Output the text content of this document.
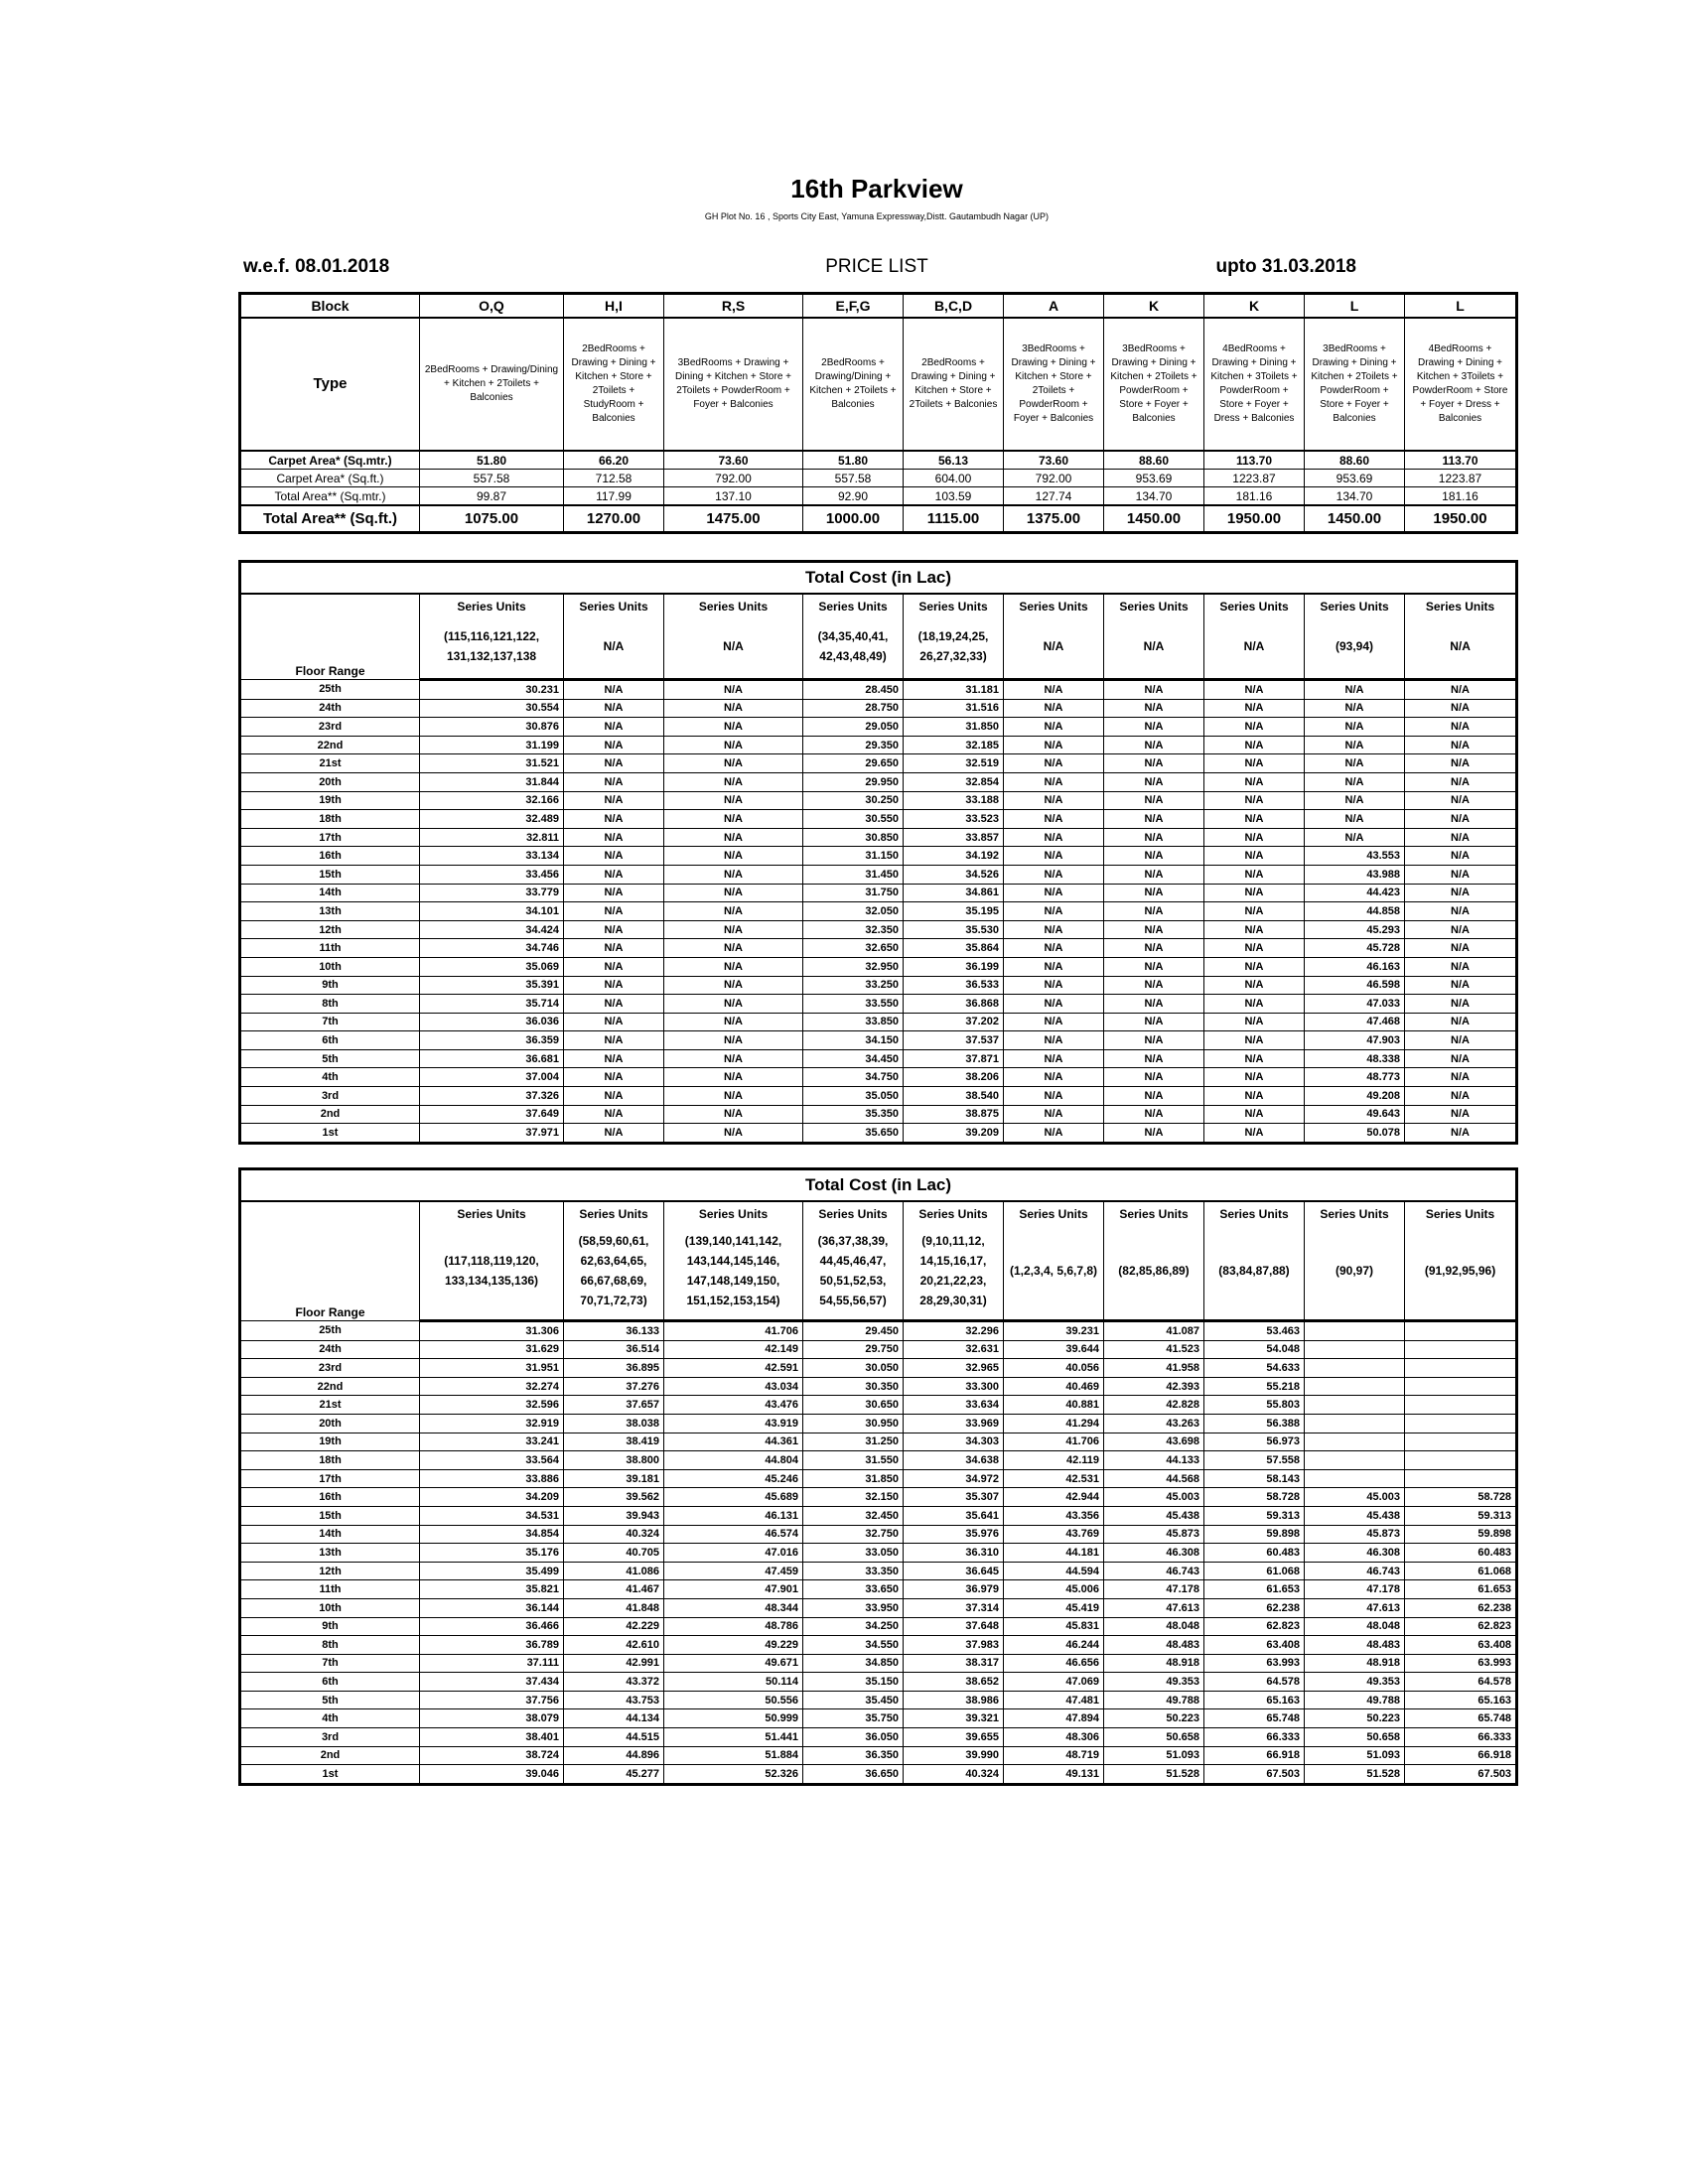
16th Parkview
GH Plot No. 16 , Sports City East, Yamuna Expressway,Distt. Gautambudh Nagar (UP)
w.e.f. 08.01.2018	PRICE LIST	upto 31.03.2018
Block	O,Q	H,I	R,S	E,F,G	B,C,D	A	K	K	L	L
Type	2BedRooms + Drawing/Dining + Kitchen + 2Toilets + Balconies	2BedRooms + Drawing + Dining + Kitchen + Store + 2Toilets + StudyRoom + Balconies	3BedRooms + Drawing + Dining + Kitchen + Store + 2Toilets + PowderRoom + Foyer + Balconies	2BedRooms + Drawing/Dining + Kitchen + 2Toilets + Balconies	2BedRooms + Drawing + Dining + Kitchen + Store + 2Toilets + Balconies	3BedRooms + Drawing + Dining + Kitchen + Store + 2Toilets + PowderRoom + Foyer + Balconies	3BedRooms + Drawing + Dining + Kitchen + 2Toilets + PowderRoom + Store + Foyer + Balconies	4BedRooms + Drawing + Dining + Kitchen + 3Toilets + PowderRoom + Store + Foyer + Dress + Balconies	3BedRooms + Drawing + Dining + Kitchen + 2Toilets + PowderRoom + Store + Foyer + Balconies	4BedRooms + Drawing + Dining + Kitchen + 3Toilets + PowderRoom + Store + Foyer + Dress + Balconies
Carpet Area* (Sq.mtr.)	51.80	66.20	73.60	51.80	56.13	73.60	88.60	113.70	88.60	113.70
Carpet Area* (Sq.ft.)	557.58	712.58	792.00	557.58	604.00	792.00	953.69	1223.87	953.69	1223.87
Total Area** (Sq.mtr.)	99.87	117.99	137.10	92.90	103.59	127.74	134.70	181.16	134.70	181.16
Total Area** (Sq.ft.)	1075.00	1270.00	1475.00	1000.00	1115.00	1375.00	1450.00	1950.00	1450.00	1950.00
Total Cost (in Lac)										
Floor Range	Series Units	Series Units	Series Units	Series Units	Series Units	Series Units	Series Units	Series Units	Series Units	Series Units
	(115,116,121,122, 131,132,137,138	N/A	N/A	(34,35,40,41, 42,43,48,49)	(18,19,24,25, 26,27,32,33)	N/A	N/A	N/A	(93,94)	N/A
25th	30.231	N/A	N/A	28.450	31.181	N/A	N/A	N/A	N/A	N/A
24th	30.554	N/A	N/A	28.750	31.516	N/A	N/A	N/A	N/A	N/A
23rd	30.876	N/A	N/A	29.050	31.850	N/A	N/A	N/A	N/A	N/A
22nd	31.199	N/A	N/A	29.350	32.185	N/A	N/A	N/A	N/A	N/A
21st	31.521	N/A	N/A	29.650	32.519	N/A	N/A	N/A	N/A	N/A
20th	31.844	N/A	N/A	29.950	32.854	N/A	N/A	N/A	N/A	N/A
19th	32.166	N/A	N/A	30.250	33.188	N/A	N/A	N/A	N/A	N/A
18th	32.489	N/A	N/A	30.550	33.523	N/A	N/A	N/A	N/A	N/A
17th	32.811	N/A	N/A	30.850	33.857	N/A	N/A	N/A	N/A	N/A
16th	33.134	N/A	N/A	31.150	34.192	N/A	N/A	N/A	43.553	N/A
15th	33.456	N/A	N/A	31.450	34.526	N/A	N/A	N/A	43.988	N/A
14th	33.779	N/A	N/A	31.750	34.861	N/A	N/A	N/A	44.423	N/A
13th	34.101	N/A	N/A	32.050	35.195	N/A	N/A	N/A	44.858	N/A
12th	34.424	N/A	N/A	32.350	35.530	N/A	N/A	N/A	45.293	N/A
11th	34.746	N/A	N/A	32.650	35.864	N/A	N/A	N/A	45.728	N/A
10th	35.069	N/A	N/A	32.950	36.199	N/A	N/A	N/A	46.163	N/A
9th	35.391	N/A	N/A	33.250	36.533	N/A	N/A	N/A	46.598	N/A
8th	35.714	N/A	N/A	33.550	36.868	N/A	N/A	N/A	47.033	N/A
7th	36.036	N/A	N/A	33.850	37.202	N/A	N/A	N/A	47.468	N/A
6th	36.359	N/A	N/A	34.150	37.537	N/A	N/A	N/A	47.903	N/A
5th	36.681	N/A	N/A	34.450	37.871	N/A	N/A	N/A	48.338	N/A
4th	37.004	N/A	N/A	34.750	38.206	N/A	N/A	N/A	48.773	N/A
3rd	37.326	N/A	N/A	35.050	38.540	N/A	N/A	N/A	49.208	N/A
2nd	37.649	N/A	N/A	35.350	38.875	N/A	N/A	N/A	49.643	N/A
1st	37.971	N/A	N/A	35.650	39.209	N/A	N/A	N/A	50.078	N/A
Total Cost (in Lac)										
Floor Range	Series Units	Series Units	Series Units	Series Units	Series Units	Series Units	Series Units	Series Units	Series Units	Series Units
	(117,118,119,120, 133,134,135,136)	(58,59,60,61, 62,63,64,65, 66,67,68,69, 70,71,72,73)	(139,140,141,142, 143,144,145,146, 147,148,149,150, 151,152,153,154)	(36,37,38,39, 44,45,46,47, 50,51,52,53, 54,55,56,57)	(9,10,11,12, 14,15,16,17, 20,21,22,23, 28,29,30,31)	(1,2,3,4, 5,6,7,8)	(82,85,86,89)	(83,84,87,88)	(90,97)	(91,92,95,96)
25th	31.306	36.133	41.706	29.450	32.296	39.231	41.087	53.463		
24th	31.629	36.514	42.149	29.750	32.631	39.644	41.523	54.048		
23rd	31.951	36.895	42.591	30.050	32.965	40.056	41.958	54.633		
22nd	32.274	37.276	43.034	30.350	33.300	40.469	42.393	55.218		
21st	32.596	37.657	43.476	30.650	33.634	40.881	42.828	55.803		
20th	32.919	38.038	43.919	30.950	33.969	41.294	43.263	56.388		
19th	33.241	38.419	44.361	31.250	34.303	41.706	43.698	56.973		
18th	33.564	38.800	44.804	31.550	34.638	42.119	44.133	57.558		
17th	33.886	39.181	45.246	31.850	34.972	42.531	44.568	58.143		
16th	34.209	39.562	45.689	32.150	35.307	42.944	45.003	58.728	45.003	58.728
15th	34.531	39.943	46.131	32.450	35.641	43.356	45.438	59.313	45.438	59.313
14th	34.854	40.324	46.574	32.750	35.976	43.769	45.873	59.898	45.873	59.898
13th	35.176	40.705	47.016	33.050	36.310	44.181	46.308	60.483	46.308	60.483
12th	35.499	41.086	47.459	33.350	36.645	44.594	46.743	61.068	46.743	61.068
11th	35.821	41.467	47.901	33.650	36.979	45.006	47.178	61.653	47.178	61.653
10th	36.144	41.848	48.344	33.950	37.314	45.419	47.613	62.238	47.613	62.238
9th	36.466	42.229	48.786	34.250	37.648	45.831	48.048	62.823	48.048	62.823
8th	36.789	42.610	49.229	34.550	37.983	46.244	48.483	63.408	48.483	63.408
7th	37.111	42.991	49.671	34.850	38.317	46.656	48.918	63.993	48.918	63.993
6th	37.434	43.372	50.114	35.150	38.652	47.069	49.353	64.578	49.353	64.578
5th	37.756	43.753	50.556	35.450	38.986	47.481	49.788	65.163	49.788	65.163
4th	38.079	44.134	50.999	35.750	39.321	47.894	50.223	65.748	50.223	65.748
3rd	38.401	44.515	51.441	36.050	39.655	48.306	50.658	66.333	50.658	66.333
2nd	38.724	44.896	51.884	36.350	39.990	48.719	51.093	66.918	51.093	66.918
1st	39.046	45.277	52.326	36.650	40.324	49.131	51.528	67.503	51.528	67.503
